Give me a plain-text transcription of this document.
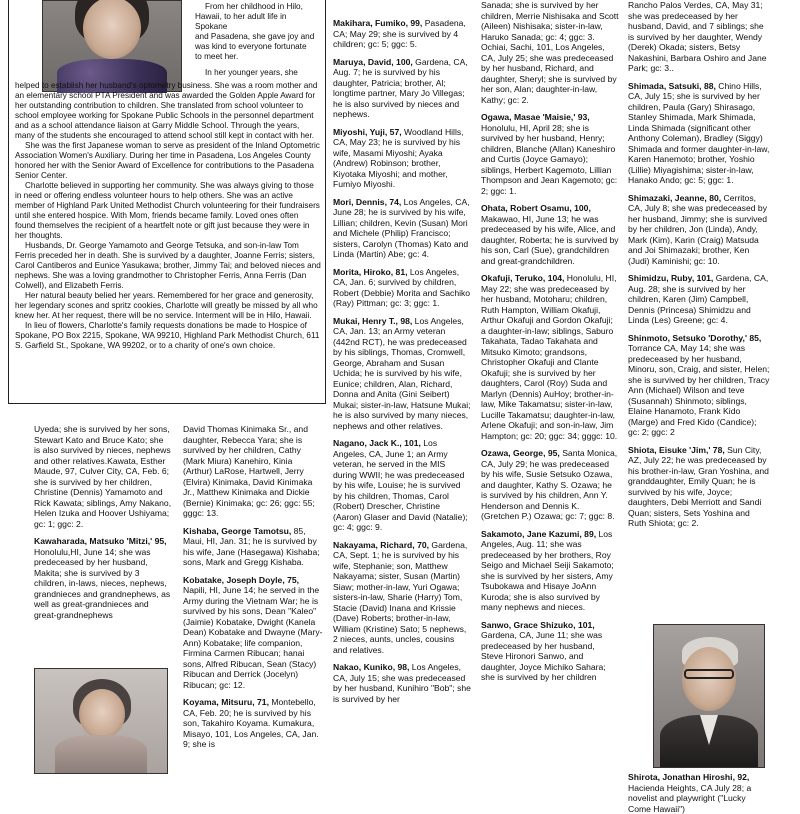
From her childhood in Hilo,

Hawaii, to her adult life in Spokane

and Pasadena, she gave joy and

was kind to everyone fortunate

to meet her.

In her younger years, she

helped to establish her husband's optometry business. She was a room mother and an elementary school PTA President and was awarded the Golden Apple Award for her outstanding contribution to children. She translated from school volunteer to school employee working for Spokane Public Schools in the personnel department and as a school attendance liaison at Garry Middle School. Through the years, many of the students she encouraged to attend school still kept in contact with her.

She was the first Japanese woman to serve as president of the Inland Optometric Association Women's Auxiliary. During her time in Pasadena, Los Angeles County honored her with the Senior Award of Excellence for contributions to the Pasadena Senior Center.

Charlotte believed in supporting her community. She was always giving to those in need or offering endless volunteer hours to help others. She was an active member of Highland Park United Methodist Church volunteering for their fundraisers until she entered hospice. With Mom, friends became family. Loved ones often found themselves the recipient of a heartfelt note or gift just because they were in her thoughts.

Husbands, Dr. George Yamamoto and George Tetsuka, and son-in-law Tom Ferris preceded her in death. She is survived by a daughter, Joanne Ferris; sisters, Carol Cantiberos and Eunice Yasukawa; brother, Jimmy Tai; and beloved nieces and nephews. She was a loving grandmother to Christopher Ferris, Anna Ferris (Dan Colwell), and Elizabeth Ferris.

Her natural beauty belied her years. Remembered for her grace and generosity, her legendary scones and spritz cookies, Charlotte will greatly be missed by all who knew her. At her request, there will be no service. Interment will be in Hilo, Hawaii.

In lieu of flowers, Charlotte's family requests donations be made to Hospice of Spokane, PO Box 2215, Spokane, WA 99210, Highland Park Methodist Church, 611 S. Garfield St., Spokane, WA 99202, or to a charity of one's own choice.

Uyeda; she is survived by her sons, Stewart Kato and Bruce Kato; she is also survived by nieces, nephews and other relatives.Kawata, Esther Maude, 97, Culver City, CA, Feb. 6; she is survived by her children, Christine (Dennis) Yamamoto and Rick Kawata; siblings, Amy Nakano, Helen Izuka and Hoover Ushiyama; gc: 1; ggc: 2.
Kawaharada, Matsuko 'Mitzi,' 95, Honolulu,HI, June 14; she was predeceased by her husband, Makita; she is survived by 3 children, in-laws, nieces, nephews, grandnieces and grandnephews, as well as great-grandnieces and great-grandnephews
David Thomas Kinimaka Sr., and daughter, Rebecca Yara; she is survived by her children, Cathy (Mark Miura) Kanehiro, Kinia (Arthur) LaRose, Hartwell, Jerry (Elvira) Kinimaka, David Kinimaka Jr., Matthew Kinimaka and Dickie (Bernie) Kinimaka; gc: 26; ggc: 55; gggc: 13.
Kishaba, George Tamotsu, 85, Maui, HI, Jan. 31; he is survived by his wife, Jane (Hasegawa) Kishaba; sons, Mark and Gregg Kishaba.
Kobatake, Joseph Doyle, 75, Napili, HI, June 14; he served in the Army during the Vietnam War; he is survived by his sons, Dean "Kaleo" (Jaimie) Kobatake, Dwight (Kanela Dean) Kobatake and Dwayne (Mary-Ann) Kobatake; life companion, Firmina Carmen Ribucan; hanai sons, Alfred Ribucan, Sean (Stacy) Ribucan and Derrick (Jocelyn) Ribucan; gc: 12.
Koyama, Mitsuru, 71, Montebello, CA, Feb. 20; he is survived by his son, Takahiro Koyama. Kumakura, Misayo, 101, Los Angeles, CA, Jan. 9; she is
Makihara, Fumiko, 99, Pasadena, CA; May 29; she is survived by 4 children; gc: 5; ggc: 5.
Maruya, David, 100, Gardena, CA, Aug. 7; he is survived by his daughter, Patricia; brother, Al; longtime partner, Mary Jo Villegas; he is also survived by nieces and nephews.
Miyoshi, Yuji, 57, Woodland Hills, CA, May 23; he is survived by his wife, Masami Miyoshi; Ayaka (Andrew) Robinson; brother, Kiyotaka Miyoshi; and mother, Fumiyo Miyoshi.
Mori, Dennis, 74, Los Angeles, CA, June 28; he is survived by his wife, Lillian; children, Kevin (Susan) Mori and Michele (Philip) Francisco; sisters, Carolyn (Thomas) Kato and Linda (Martin) Abe; gc: 4.
Morita, Hiroko, 81, Los Angeles, CA, Jan. 6; survived by children, Robert (Debbie) Morita and Sachiko (Ray) Pittman; gc: 3; ggc: 1.
Mukai, Henry T., 98, Los Angeles, CA, Jan. 13; an Army veteran (442nd RCT), he was predeceased by his siblings, Thomas, Cromwell, George, Abraham and Susan Uchida; he is survived by his wife, Eunice; children, Alan, Richard, Donna and Anita (Gini Seibert) Mukai; sister-in-law, Hatsune Mukai; he is also survived by many nieces, nephews and other relatives.
Nagano, Jack K., 101, Los Angeles, CA, June 1; an Army veteran, he served in the MIS during WWII; he was predeceased by his wife, Louise; he is survived by his children, Thomas, Carol (Robert) Drescher, Christine (Aaron) Glaser and David (Natalie); gc: 4; ggc: 9.
Nakayama, Richard, 70, Gardena, CA, Sept. 1; he is survived by his wife, Stephanie; son, Matthew Nakayama; sister, Susan (Martin) Siaw; mother-in-law, Yuri Ogawa; sisters-in-law, Sharie (Harry) Tom, Stacie (David) Inana and Krissie (Dave) Roberts; brother-in-law, William (Kristine) Sato; 5 nephews, 2 nieces, aunts, uncles, cousins and relatives.
Nakao, Kuniko, 98, Los Angeles, CA, July 15; she was predeceased by her husband, Kunihiro "Bob"; she is survived by her
Sanada; she is survived by her children, Merrie Nishisaka and Scott (Aileen) Nishisaka; sister-in-law, Haruko Sanada; gc: 4; ggc: 3. Ochiai, Sachi, 101, Los Angeles, CA, July 25; she was predeceased by her husband, Richard, and daughter, Sheryl; she is survived by her son, Alan; daughter-in-law, Kathy; gc: 2.
Ogawa, Masae 'Maisie,' 93, Honolulu, HI, April 28; she is survived by her husband, Henry; children, Blanche (Allan) Kaneshiro and Curtis (Joyce Gamayo); siblings, Herbert Kagemoto, Lillian Thompson and Jean Kagemoto; gc: 2; ggc: 1.
Ohata, Robert Osamu, 100, Makawao, HI, June 13; he was predeceased by his wife, Alice, and daughter, Roberta; he is survived by his son, Carl (Sue), grandchildren and great-grandchildren.
Okafuji, Teruko, 104, Honolulu, HI, May 22; she was predeceased by her husband, Motoharu; children, Ruth Hampton, William Okafuji, Arthur Okafuji and Gordon Okafuji; a daughter-in-law; siblings, Saburo Takahata, Tadao Takahata and Mitsuko Kimoto; grandsons, Christopher Okafuji and Clante Okafuji; she is survived by her daughters, Carol (Roy) Suda and Marlyn (Dennis) AuHoy; brother-in-law, Mike Takamatsu; sister-in-law, Lucille Takamatsu; daughter-in-law, Arlene Okafuji; and son-in-law, Jim Hampton; gc: 20; ggc: 34; gggc: 10.
Ozawa, George, 95, Santa Monica, CA, July 29; he was predeceased by his wife, Susie Setsuko Ozawa, and daughter, Kathy S. Ozawa; he is survived by his children, Ann Y. Henderson and Dennis K. (Gretchen P.) Ozawa; gc: 7; ggc: 8.
Sakamoto, Jane Kazumi, 89, Los Angeles, Aug. 11; she was predeceased by her brothers, Roy Seigo and Michael Seiji Sakamoto; she is survived by her sisters, Amy Tsubokawa and Hisaye JoAnn Kuroda; she is also survived by many nephews and nieces.
Sanwo, Grace Shizuko, 101, Gardena, CA, June 11; she was predeceased by her husband, Steve Hironori Sanwo, and daughter, Joyce Michiko Sahara; she is survived by her children
Rancho Palos Verdes, CA, May 31; she was predeceased by her husband, David, and 7 siblings; she is survived by her daughter, Wendy (Derek) Okada; sisters, Betsy Nakashini, Barbara Oshiro and Jane Park; gc: 3..
Shimada, Satsuki, 88, Chino Hills, CA, July 15; she is survived by her children, Paula (Gary) Shirasago, Stanley Shimada, Mark Shimada, Linda Shimada (significant other Anthony Coleman), Bradley (Siggy) Shimada and former daughter-in-law, Karen Hanemoto; brother, Yoshio (Lillie) Miyagishima; sister-in-law, Hanako Ando; gc: 5; ggc: 1.
Shimazaki, Jeanne, 80, Cerritos, CA, July 8; she was predeceased by her husband, Jimmy; she is survived by her children, Jon (Linda), Andy, Mark (Kim), Karin (Craig) Matsuda and Joi Shimazaki; brother, Ken (Judi) Kaminishi; gc: 10.
Shimidzu, Ruby, 101, Gardena, CA, Aug. 28; she is survived by her children, Karen (Jim) Campbell, Dennis (Princesa) Shimidzu and Linda (Les) Greene; gc: 4.
Shinmoto, Setsuko 'Dorothy,' 85, Torrance CA, May 14; she was predeceased by her husband, Minoru, son, Craig, and sister, Helen; she is survived by her children, Tracy Ann (Michael) Wilson and teve (Susannah) Shinmoto; siblings, Elaine Hanamoto, Frank Kido (Marge) and Fred Kido (Candice); gc: 2; ggc: 2
Shiota, Eisuke 'Jim,' 78, Sun City, AZ, July 22; he was predeceased by his brother-in-law, Gran Yoshina, and granddaughter, Emily Quan; he is survived by his wife, Joyce; daughters, Debi Merriott and Sandi Quan; sisters, Sets Yoshina and Ruth Shiota; gc: 2.
Shirota, Jonathan Hiroshi, 92, Hacienda Heights, CA July 28; a novelist and playwright ("Lucky Come Hawaii")
